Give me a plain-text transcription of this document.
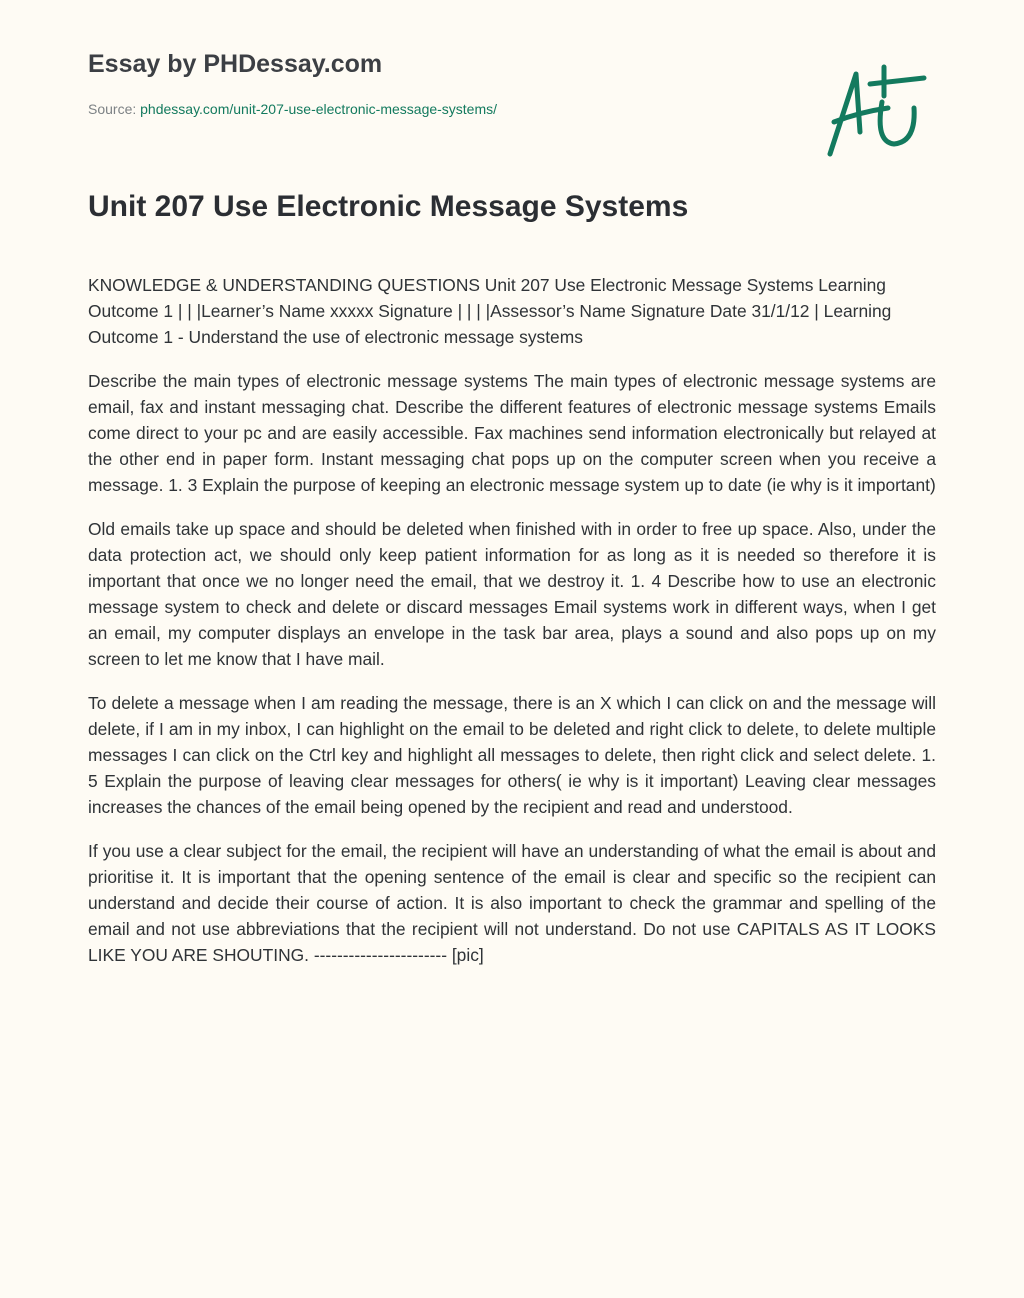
Essay by PHDessay.com
Source: phdessay.com/unit-207-use-electronic-message-systems/
Unit 207 Use Electronic Message Systems

KNOWLEDGE & UNDERSTANDING QUESTIONS Unit 207 Use Electronic Message Systems Learning Outcome 1 | | |Learner’s Name xxxxx Signature | | | |Assessor’s Name Signature Date 31/1/12 | Learning Outcome 1 - Understand the use of electronic message systems

Describe the main types of electronic message systems The main types of electronic message systems are email, fax and instant messaging chat. Describe the different features of electronic message systems Emails come direct to your pc and are easily accessible. Fax machines send information electronically but relayed at the other end in paper form. Instant messaging chat pops up on the computer screen when you receive a message. 1. 3 Explain the purpose of keeping an electronic message system up to date (ie why is it important)

Old emails take up space and should be deleted when finished with in order to free up space. Also, under the data protection act, we should only keep patient information for as long as it is needed so therefore it is important that once we no longer need the email, that we destroy it. 1. 4 Describe how to use an electronic message system to check and delete or discard messages Email systems work in different ways, when I get an email, my computer displays an envelope in the task bar area, plays a sound and also pops up on my screen to let me know that I have mail.

To delete a message when I am reading the message, there is an X which I can click on and the message will delete, if I am in my inbox, I can highlight on the email to be deleted and right click to delete, to delete multiple messages I can click on the Ctrl key and highlight all messages to delete, then right click and select delete. 1. 5 Explain the purpose of leaving clear messages for others( ie why is it important) Leaving clear messages increases the chances of the email being opened by the recipient and read and understood.

If you use a clear subject for the email, the recipient will have an understanding of what the email is about and prioritise it. It is important that the opening sentence of the email is clear and specific so the recipient can understand and decide their course of action. It is also important to check the grammar and spelling of the email and not use abbreviations that the recipient will not understand. Do not use CAPITALS AS IT LOOKS LIKE YOU ARE SHOUTING. ----------------------- [pic]
